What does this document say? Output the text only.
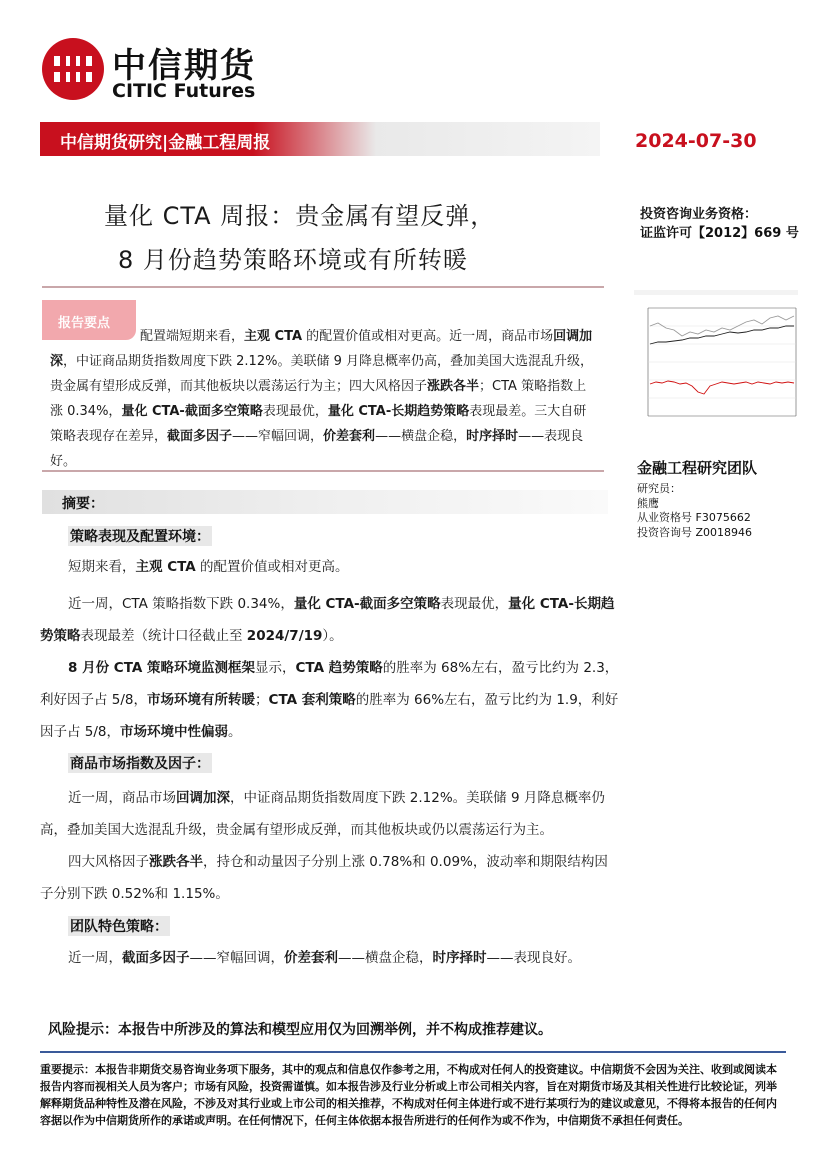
中信期货
CITIC Futures
中信期货研究|金融工程周报	2024-07-30
量化 CTA 周报：贵金属有望反弹，
8 月份趋势策略环境或有所转暖
投资咨询业务资格：
证监许可【2012】669 号
报告要点
配置端短期来看，主观 CTA 的配置价值或相对更高。近一周，商品市场回调加深，中证商品期货指数周度下跌 2.12%。美联储 9 月降息概率仍高，叠加美国大选混乱升级，贵金属有望形成反弹，而其他板块以震荡运行为主；四大风格因子涨跌各半；CTA 策略指数上涨 0.34%，量化 CTA-截面多空策略表现最优，量化 CTA-长期趋势策略表现最差。三大自研策略表现存在差异，截面多因子——窄幅回调，价差套利——横盘企稳，时序择时——表现良好。	金融工程研究团队
研究员：
熊鹰
从业资格号 F3075662
投资咨询号 Z0018946
摘要：
策略表现及配置环境：
短期来看，主观 CTA 的配置价值或相对更高。
近一周，CTA 策略指数下跌 0.34%，量化 CTA-截面多空策略表现最优，量化 CTA-长期趋势策略表现最差（统计口径截止至 2024/7/19）。
8 月份 CTA 策略环境监测框架显示，CTA 趋势策略的胜率为 68%左右，盈亏比约为 2.3，利好因子占 5/8，市场环境有所转暖；CTA 套利策略的胜率为 66%左右，盈亏比约为 1.9，利好因子占 5/8，市场环境中性偏弱。
商品市场指数及因子：
近一周，商品市场回调加深，中证商品期货指数周度下跌 2.12%。美联储 9 月降息概率仍高，叠加美国大选混乱升级，贵金属有望形成反弹，而其他板块或仍以震荡运行为主。
四大风格因子涨跌各半，持仓和动量因子分别上涨 0.78%和 0.09%，波动率和期限结构因子分别下跌 0.52%和 1.15%。
团队特色策略：
近一周，截面多因子——窄幅回调，价差套利——横盘企稳，时序择时——表现良好。
风险提示：本报告中所涉及的算法和模型应用仅为回溯举例，并不构成推荐建议。

重要提示：本报告非期货交易咨询业务项下服务，其中的观点和信息仅作参考之用，不构成对任何人的投资建议。中信期货不会因为关注、收到或阅读本报告内容而视相关人员为客户；市场有风险，投资需谨慎。如本报告涉及行业分析或上市公司相关内容，旨在对期货市场及其相关性进行比较论证，列举解释期货品种特性及潜在风险，不涉及对其行业或上市公司的相关推荐，不构成对任何主体进行或不进行某项行为的建议或意见，不得将本报告的任何内容据以作为中信期货所作的承诺或声明。在任何情况下，任何主体依据本报告所进行的任何作为或不作为，中信期货不承担任何责任。
